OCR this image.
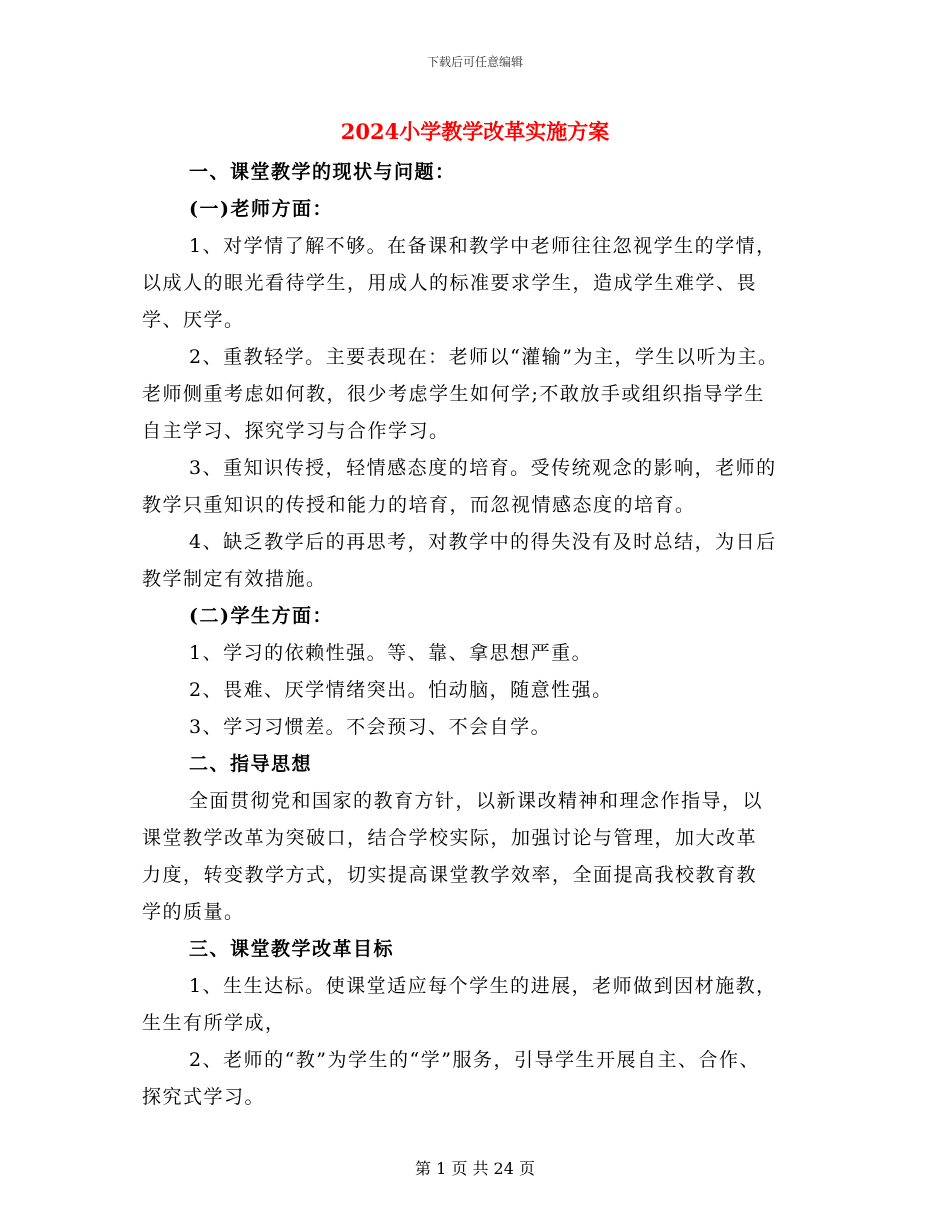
下载后可任意编辑
2024小学教学改革实施方案
一、课堂教学的现状与问题：
(一)老师方面：
1、对学情了解不够。在备课和教学中老师往往忽视学生的学情，
以成人的眼光看待学生，用成人的标准要求学生，造成学生难学、畏
学、厌学。
2、重教轻学。主要表现在：老师以“灌输”为主，学生以听为主。
老师侧重考虑如何教，很少考虑学生如何学;不敢放手或组织指导学生
自主学习、探究学习与合作学习。
3、重知识传授，轻情感态度的培育。受传统观念的影响，老师的
教学只重知识的传授和能力的培育，而忽视情感态度的培育。
4、缺乏教学后的再思考，对教学中的得失没有及时总结，为日后
教学制定有效措施。
(二)学生方面：
1、学习的依赖性强。等、靠、拿思想严重。
2、畏难、厌学情绪突出。怕动脑，随意性强。
3、学习习惯差。不会预习、不会自学。
二、指导思想
全面贯彻党和国家的教育方针，以新课改精神和理念作指导，以
课堂教学改革为突破口，结合学校实际，加强讨论与管理，加大改革
力度，转变教学方式，切实提高课堂教学效率，全面提高我校教育教
学的质量。
三、课堂教学改革目标
1、生生达标。使课堂适应每个学生的进展，老师做到因材施教，
生生有所学成，
2、老师的“教”为学生的“学”服务，引导学生开展自主、合作、
探究式学习。
第 1 页 共 24 页
